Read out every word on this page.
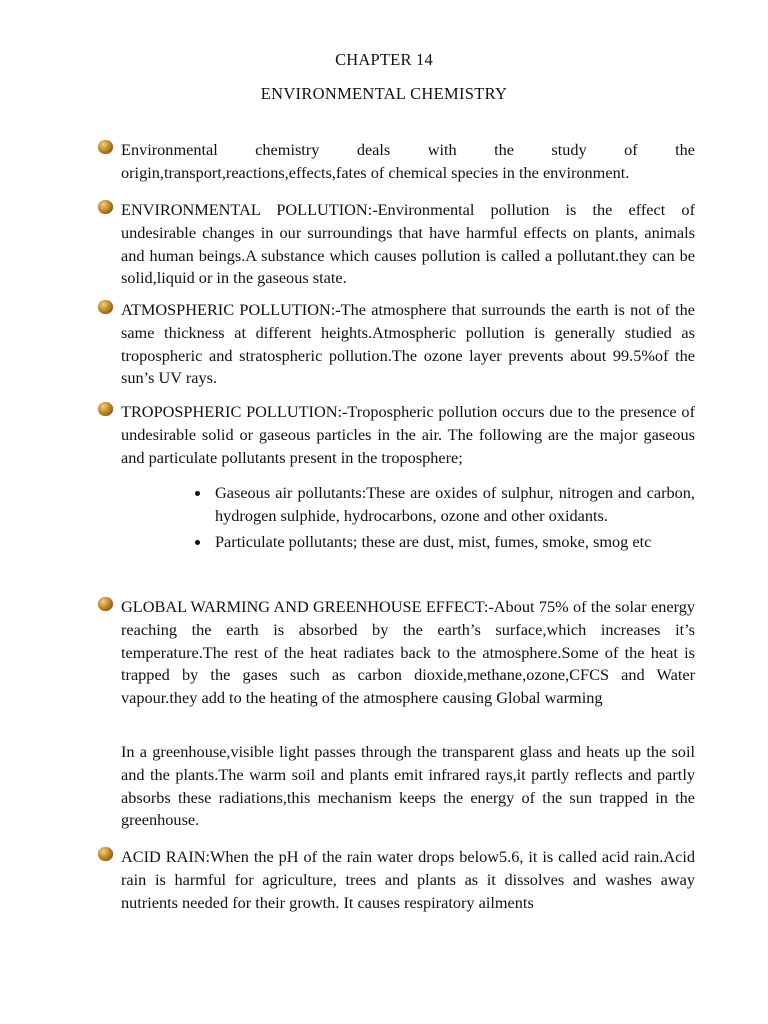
CHAPTER 14
ENVIRONMENTAL CHEMISTRY
Environmental chemistry deals with the study of the origin,transport,reactions,effects,fates of chemical species in the environment.
ENVIRONMENTAL POLLUTION:-Environmental pollution is the effect of undesirable changes in our surroundings that have harmful effects on plants, animals and human beings.A substance which causes pollution is called a pollutant.they can be solid,liquid or in the gaseous state.
ATMOSPHERIC POLLUTION:-The atmosphere that surrounds the earth is not of the same thickness at different heights.Atmospheric pollution is generally studied as tropospheric and stratospheric pollution.The ozone layer prevents about 99.5%of the sun’s UV rays.
TROPOSPHERIC POLLUTION:-Tropospheric pollution occurs due to the presence of undesirable solid or gaseous particles in the air. The following are the major gaseous and particulate pollutants present in the troposphere;
Gaseous air pollutants:These are oxides of sulphur, nitrogen and carbon, hydrogen sulphide, hydrocarbons, ozone and other oxidants.
Particulate pollutants; these are dust, mist, fumes, smoke, smog etc
GLOBAL WARMING AND GREENHOUSE EFFECT:-About 75% of the solar energy reaching the earth is absorbed by the earth’s surface,which increases it’s temperature.The rest of the heat radiates back to the atmosphere.Some of the heat is trapped by the gases such as carbon dioxide,methane,ozone,CFCS and Water vapour.they add to the heating of the atmosphere causing Global warming
In a greenhouse,visible light passes through the transparent glass and heats up the soil and the plants.The warm soil and plants emit infrared rays,it partly reflects and partly absorbs these radiations,this mechanism keeps the energy of the sun trapped in the greenhouse.
ACID RAIN:When the pH of the rain water drops below5.6, it is called acid rain.Acid rain is harmful for agriculture, trees and plants as it dissolves and washes away nutrients needed for their growth. It causes respiratory ailments
